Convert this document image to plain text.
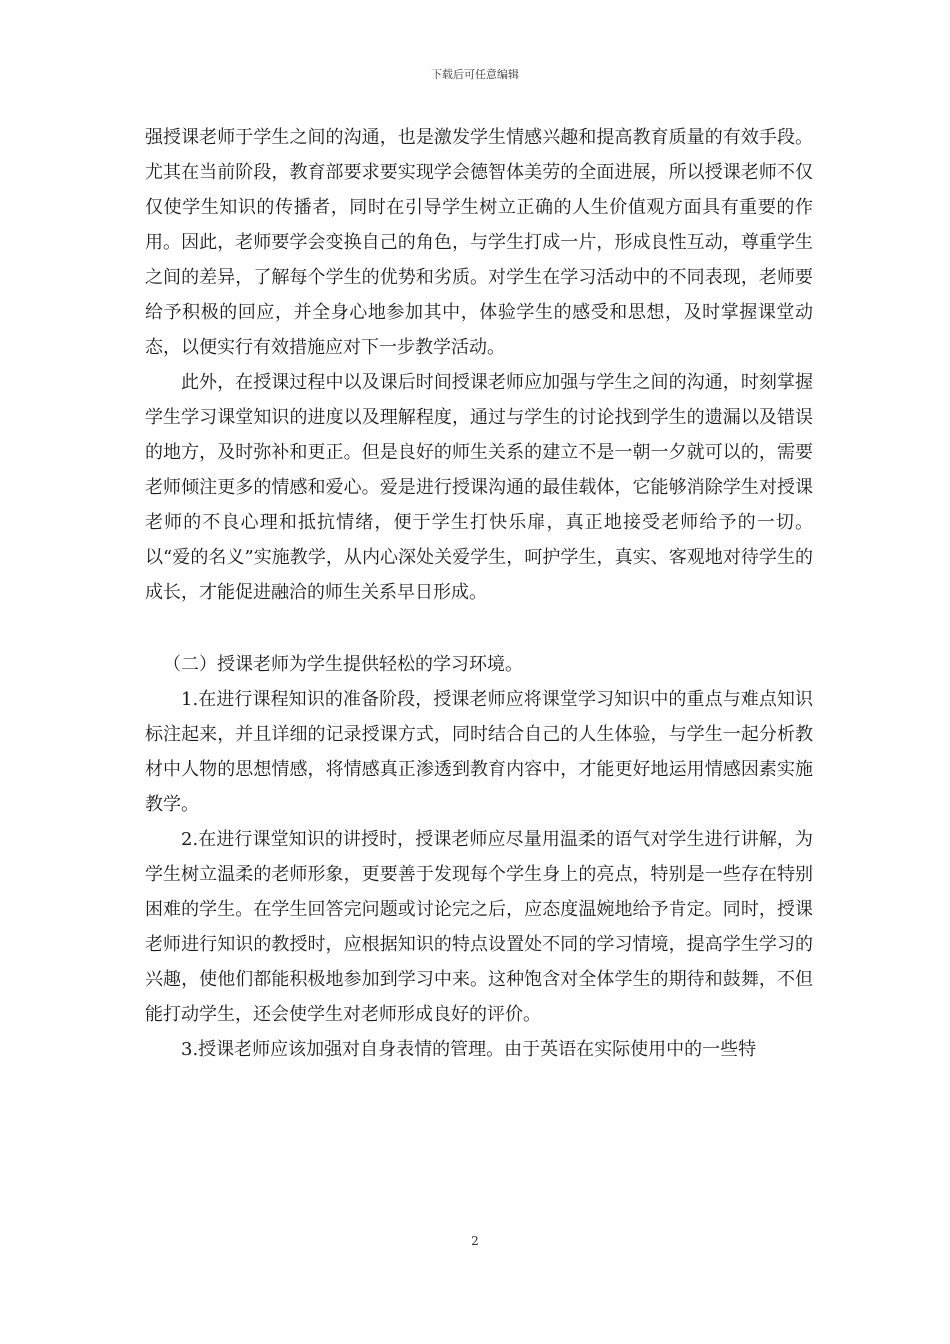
下载后可任意编辑

强授课老师于学生之间的沟通，也是激发学生情感兴趣和提高教育质量的有效手段。尤其在当前阶段，教育部要求要实现学会德智体美劳的全面进展，所以授课老师不仅仅使学生知识的传播者，同时在引导学生树立正确的人生价值观方面具有重要的作用。因此，老师要学会变换自己的角色，与学生打成一片，形成良性互动，尊重学生之间的差异，了解每个学生的优势和劣质。对学生在学习活动中的不同表现，老师要给予积极的回应，并全身心地参加其中，体验学生的感受和思想，及时掌握课堂动态，以便实行有效措施应对下一步教学活动。

此外，在授课过程中以及课后时间授课老师应加强与学生之间的沟通，时刻掌握学生学习课堂知识的进度以及理解程度，通过与学生的讨论找到学生的遗漏以及错误的地方，及时弥补和更正。但是良好的师生关系的建立不是一朝一夕就可以的，需要老师倾注更多的情感和爱心。爱是进行授课沟通的最佳载体，它能够消除学生对授课老师的不良心理和抵抗情绪，便于学生打快乐扉，真正地接受老师给予的一切。以“爱的名义”实施教学，从内心深处关爱学生，呵护学生，真实、客观地对待学生的成长，才能促进融洽的师生关系早日形成。

（二）授课老师为学生提供轻松的学习环境。

1.在进行课程知识的准备阶段，授课老师应将课堂学习知识中的重点与难点知识标注起来，并且详细的记录授课方式，同时结合自己的人生体验，与学生一起分析教材中人物的思想情感，将情感真正渗透到教育内容中，才能更好地运用情感因素实施教学。

2.在进行课堂知识的讲授时，授课老师应尽量用温柔的语气对学生进行讲解，为学生树立温柔的老师形象，更要善于发现每个学生身上的亮点，特别是一些存在特别困难的学生。在学生回答完问题或讨论完之后，应态度温婉地给予肯定。同时，授课老师进行知识的教授时，应根据知识的特点设置处不同的学习情境，提高学生学习的兴趣，使他们都能积极地参加到学习中来。这种饱含对全体学生的期待和鼓舞，不但能打动学生，还会使学生对老师形成良好的评价。

3.授课老师应该加强对自身表情的管理。由于英语在实际使用中的一些特

2
